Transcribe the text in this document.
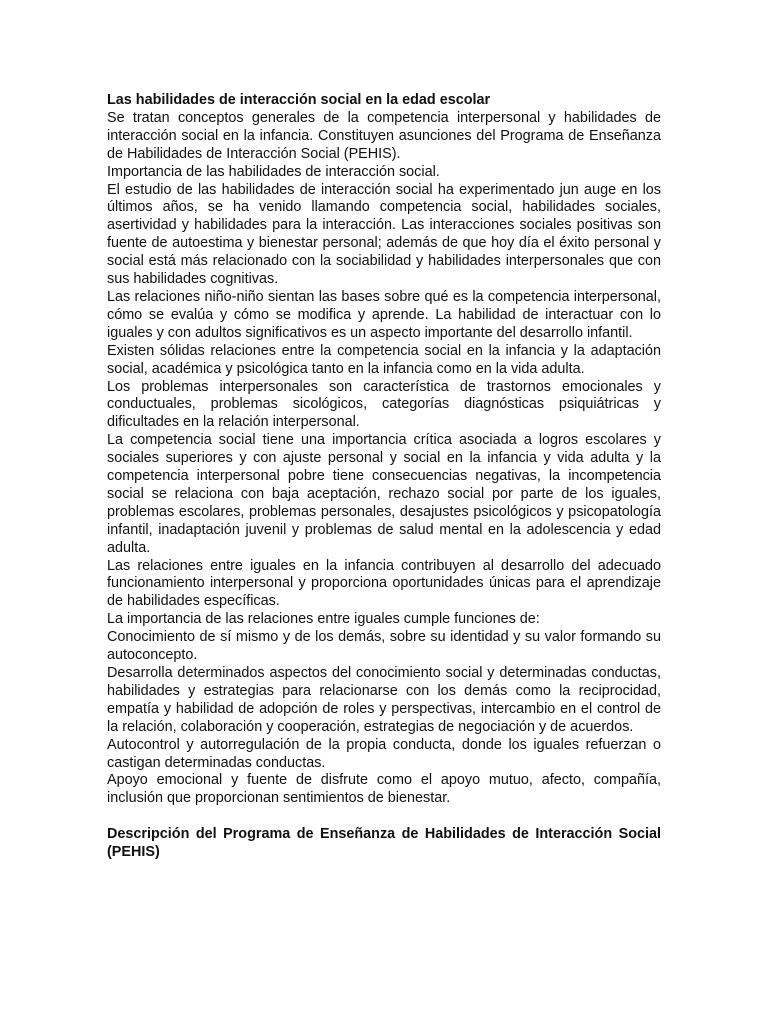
Las habilidades de interacción social en la edad escolar

Se tratan conceptos generales de la competencia interpersonal y habilidades de interacción social en la infancia. Constituyen asunciones del Programa de Enseñanza de Habilidades de Interacción Social (PEHIS).

Importancia de las habilidades de interacción social.

El estudio de las habilidades de interacción social ha experimentado jun auge en los últimos años, se ha venido llamando competencia social, habilidades sociales, asertividad y habilidades para la interacción. Las interacciones sociales positivas son fuente de autoestima y bienestar personal; además de que hoy día el éxito personal y social está más relacionado con la sociabilidad y habilidades interpersonales que con sus habilidades cognitivas.

Las relaciones niño-niño sientan las bases sobre qué es la competencia interpersonal, cómo se evalúa y cómo se modifica y aprende. La habilidad de interactuar con lo iguales y con adultos significativos es un aspecto importante del desarrollo infantil.

Existen sólidas relaciones entre la competencia social en la infancia y la adaptación social, académica y psicológica tanto en la infancia como en la vida adulta.

Los problemas interpersonales son característica de trastornos emocionales y conductuales, problemas sicológicos, categorías diagnósticas psiquiátricas y dificultades en la relación interpersonal.

La competencia social tiene una importancia crítica asociada a logros escolares y sociales superiores y con ajuste personal y social en la infancia y vida adulta y la competencia interpersonal pobre tiene consecuencias negativas, la incompetencia social se relaciona con baja aceptación, rechazo social por parte de los iguales, problemas escolares, problemas personales, desajustes psicológicos y psicopatología infantil, inadaptación juvenil y problemas de salud mental en la adolescencia y edad adulta.

Las relaciones entre iguales en la infancia contribuyen al desarrollo del adecuado funcionamiento interpersonal y proporciona oportunidades únicas para el aprendizaje de habilidades específicas.

La importancia de las relaciones entre iguales cumple funciones de:

Conocimiento de sí mismo y de los demás, sobre su identidad y su valor formando su autoconcepto.

Desarrolla determinados aspectos del conocimiento social y determinadas conductas, habilidades y estrategias para relacionarse con los demás como la reciprocidad, empatía y habilidad de adopción de roles y perspectivas, intercambio en el control de la relación, colaboración y cooperación, estrategias de negociación y de acuerdos.

Autocontrol y autorregulación de la propia conducta, donde los iguales refuerzan o castigan determinadas conductas.

Apoyo emocional y fuente de disfrute como el apoyo mutuo, afecto, compañía, inclusión que proporcionan sentimientos de bienestar.

Descripción del Programa de Enseñanza de Habilidades de Interacción Social (PEHIS)
